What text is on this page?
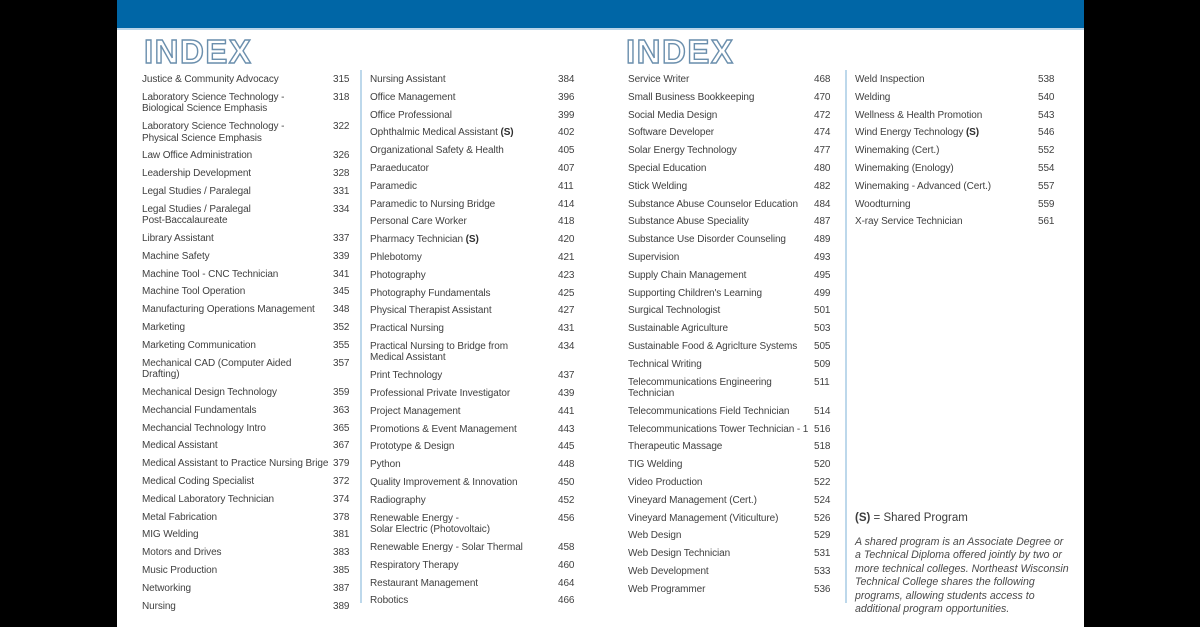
INDEX	INDEX
Justice & Community Advocacy	315
Laboratory Science Technology -
Biological Science Emphasis
318
Laboratory Science Technology -
Physical Science Emphasis
322
Law Office Administration	326
Leadership Development	328
Legal Studies / Paralegal	331
Legal Studies / Paralegal
Post-Baccalaureate
334
Library Assistant	337
Machine Safety	339
Machine Tool - CNC Technician	341
Machine Tool Operation	345
Manufacturing Operations Management	348
Marketing	352
Marketing Communication	355
Mechanical CAD (Computer Aided Drafting)
357
Mechanical Design Technology	359
Mechancial Fundamentals	363
Mechancial Technology Intro	365
Medical Assistant	367
Medical Assistant to Practice Nursing Brige 379
Medical Coding Specialist	372
Medical Laboratory Technician	374
Metal Fabrication	378
MIG Welding	381
Motors and Drives	383
Music Production	385
Networking	387
Nursing	389
Nursing Assistant	384
Office Management	396
Office Professional	399
Ophthalmic Medical Assistant (S)	402
Organizational Safety & Health	405
Paraeducator	407
Paramedic	411
Paramedic to Nursing Bridge	414
Personal Care Worker	418
Pharmacy Technician (S)	420
Phlebotomy	421
Photography	423
Photography Fundamentals	425
Physical Therapist Assistant	427
Practical Nursing	431
Practical Nursing to Bridge from
Medical Assistant
434
Print Technology	437
Professional Private Investigator	439
Project Management	441
Promotions & Event Management	443
Prototype & Design	445
Python	448
Quality Improvement & Innovation	450
Radiography	452
Renewable Energy -
Solar Electric (Photovoltaic)
456
Renewable Energy - Solar Thermal	458
Respiratory Therapy	460
Restaurant Management	464
Robotics	466
Service Writer	468
Small Business Bookkeeping	470
Social Media Design	472
Software Developer	474
Solar Energy Technology	477
Special Education	480
Stick Welding	482
Substance Abuse Counselor Education	484
Substance Abuse Speciality	487
Substance Use Disorder Counseling	489
Supervision	493
Supply Chain Management	495
Supporting Children's Learning	499
Surgical Technologist	501
Sustainable Agriculture	503
Sustainable Food & Agriclture Systems	505
Technical Writing	509
Telecommunications Engineering Technician
511
Telecommunications Field Technician	514
Telecommunications Tower Technician - 1 516
Therapeutic Massage	518
TIG Welding	520
Video Production	522
Vineyard Management (Cert.)	524
Vineyard Management (Viticulture)	526
Web Design	529
Web Design Technician	531
Web Development	533
Web Programmer	536
Weld Inspection	538
Welding	540
Wellness & Health Promotion	543
Wind Energy Technology (S)	546
Winemaking (Cert.)	552
Winemaking (Enology)	554
Winemaking - Advanced (Cert.)	557
Woodturning	559
X-ray Service Technician	561
(S) = Shared Program

A shared program is an Associate Degree or a Technical Diploma offered jointly by two or more technical colleges. Northeast Wisconsin Technical College shares the following programs, allowing students access to additional program opportunities.
